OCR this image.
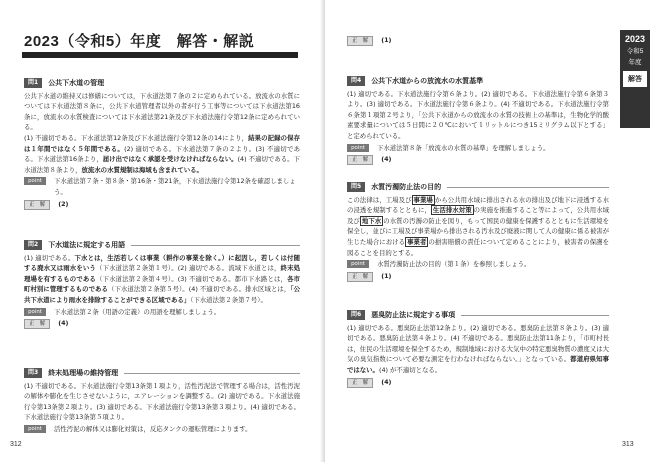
2023（令和5）年度　解答・解説
問1	公共下水道の管理

公共下水道の維持又は修繕については，下水道法第７条の２に定められている。放流水の水質については下水道法第８条に，公共下水道管理者以外の者が行う工事等については下水道法第16条に，放流水の水質検査については下水道法第21条及び下水道法施行令第12条に定められている。

(1) 不適切である。下水道法第12条及び下水道法施行令第12条の14により，結果の記録の保存は１年間ではなく５年間である。(2) 適切である。下水道法第７条の２より。(3) 不適切である。下水道法第16条より，届け出ではなく承認を受けなければならない。(4) 不適切である。下水道法第８条より，放流水の水質規制は海域も含まれている。

point	下水道法第７条・第８条・第16条・第21条，下水道法施行令第12条を確認しましょう。
正　解	(2)
問2	下水道法に規定する用語

(1) 適切である。下水とは，生活若しくは事業（耕作の事業を除く。）に起因し，若しくは付随する廃水又は雨水をいう（下水道法第２条第１号）。(2) 適切である。流域下水道とは，終末処理場を有するものである（下水道法第２条第４号）。(3) 不適切である。都市下水路とは，各市町村別に管理するものである（下水道法第２条第５号）。(4) 不適切である。排水区域とは，「公共下水道により雨水を排除することができる区域である」（下水道法第２条第７号）。

point	下水道法第２条（用語の定義）の用語を理解しましょう。
正　解	(4)
問3	終末処理場の維持管理

(1) 不適切である。下水道法施行令第13条第１項より，活性汚泥法で管理する場合は，活性汚泥の解体や膨化を生じさせないように，エアレーションを調整する。(2) 適切である。下水道法施行令第13条第２項より。(3) 適切である。下水道法施行令第13条第３項より。(4) 適切である。下水道法施行令第13条第５項より。

point	活性汚泥の解体又は膨化対策は，反応タンクの運転管理によります。
312
2023
令和5
年度
解答
正　解	(1)
問4	公共下水道からの放流水の水質基準

(1) 適切である。下水道法施行令第６条より。(2) 適切である。下水道法施行令第６条第３より。(3) 適切である。下水道法施行令第６条より。(4) 不適切である。下水道法施行令第６条第１項第２号より，「公共下水道からの放流水の水質の技術上の基準は，生物化学的酸素要求量については５日間に２０℃において１リットルにつき15ミリグラム以下とする」と定められている。

point	下水道法第８条「放流水の水質の基準」を理解しましょう。
正　解	(4)
問5	水質汚濁防止法の目的

この法律は，工場及び 事業場 から公共用水域に排出される水の排出及び地下に浸透する水の浸透を規制するとともに， 生活排水対策 の実施を推進すること等によって，公共用水域及び 地下水 の水質の汚濁の防止を図り，もって国民の健康を保護するとともに生活環境を保全し，並びに工場及び事業場から排出される汚水及び廃液に関して人の健康に係る被害が生じた場合における 事業者 の損害賠償の責任について定めることにより，被害者の保護を図ることを目的とする。

point	水質汚濁防止法の目的（第１条）を参照しましょう。
正　解	(1)
問6	悪臭防止法に規定する事項

(1) 適切である。悪臭防止法第12条より。(2) 適切である。悪臭防止法第８条より。(3) 適切である。悪臭防止法第４条より。(4) 不適切である。悪臭防止法第11条より，「市町村長は，住民の生活環境を保全するため，規制地域における大気中の特定悪臭物質の濃度又は大気の臭気指数について必要な測定を行わなければならない。」となっている。都道府県知事ではない。(4) が不適切となる。

正　解	(4)
313
